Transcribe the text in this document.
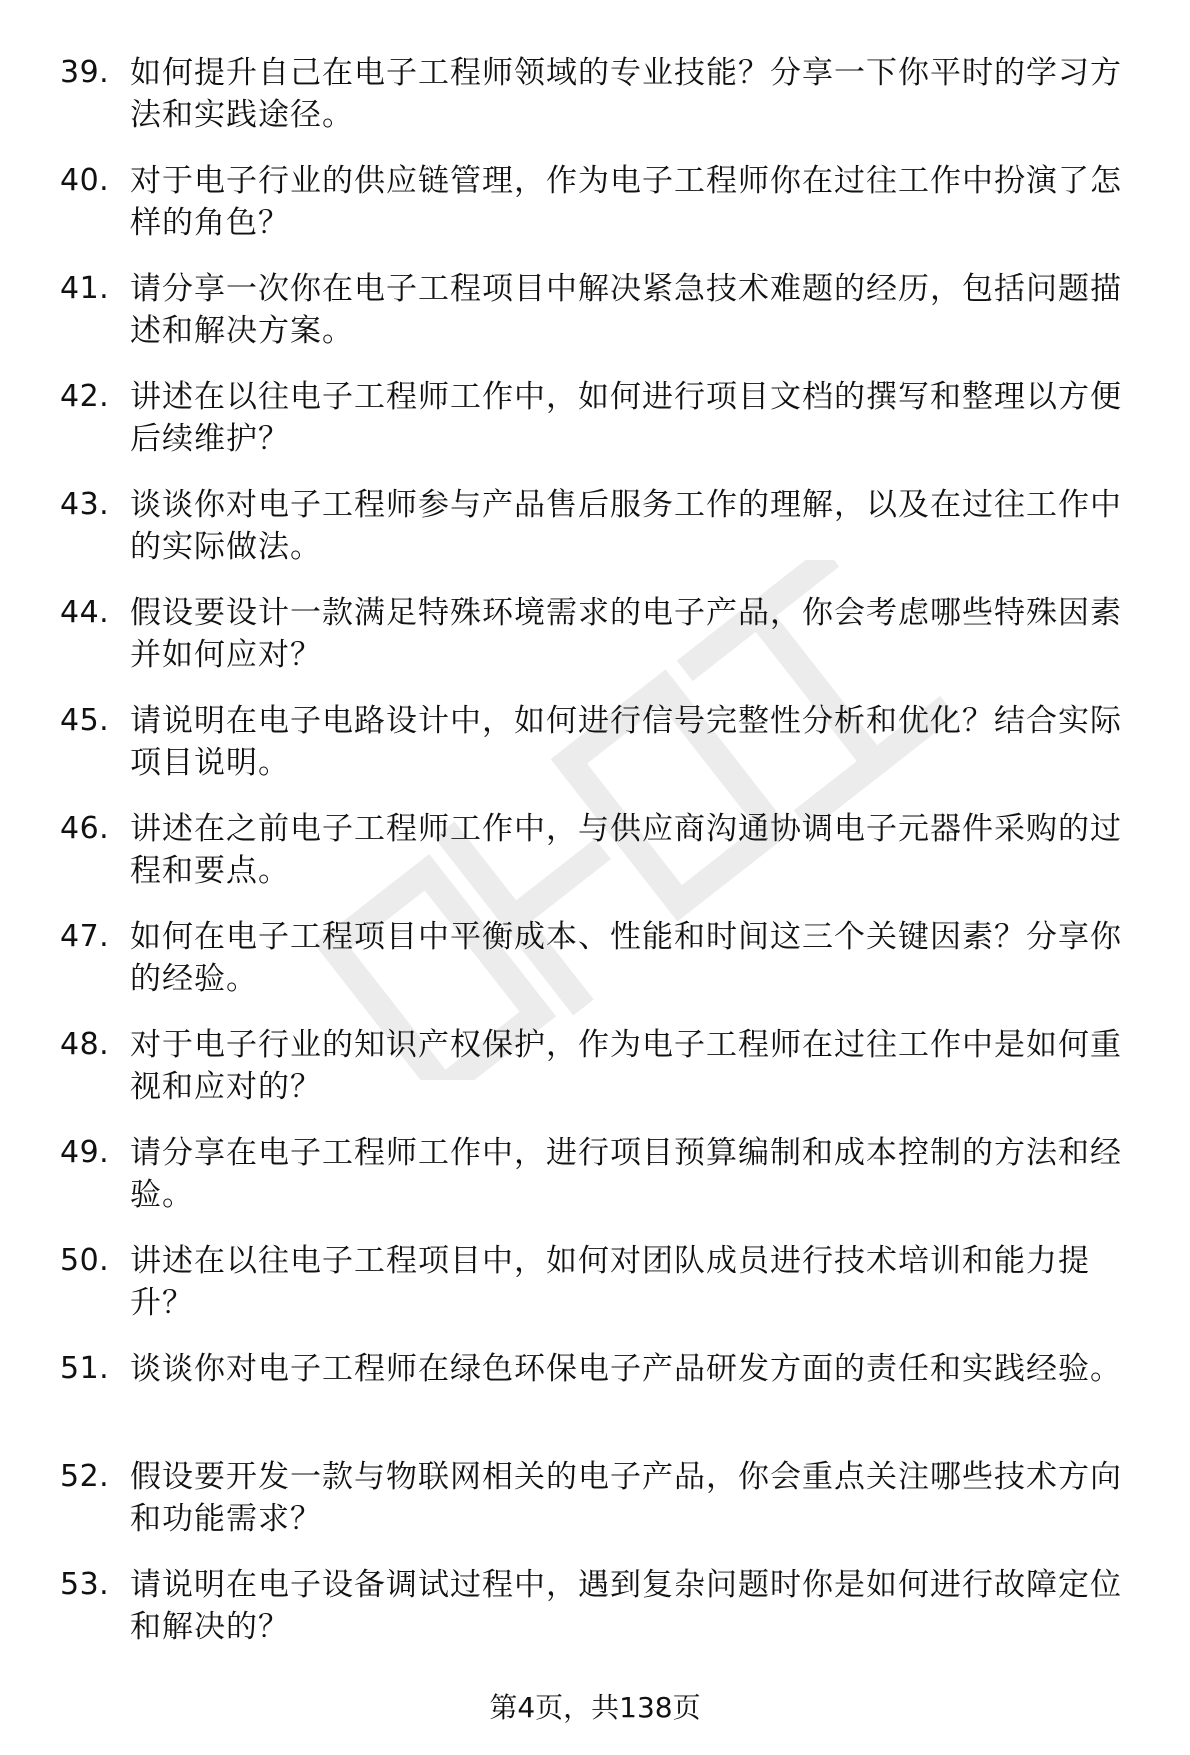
39. 如何提升自己在电子工程师领域的专业技能？分享一下你平时的学习方法和实践途径。
40. 对于电子行业的供应链管理，作为电子工程师你在过往工作中扮演了怎样的角色？
41. 请分享一次你在电子工程项目中解决紧急技术难题的经历，包括问题描述和解决方案。
42. 讲述在以往电子工程师工作中，如何进行项目文档的撰写和整理以方便后续维护？
43. 谈谈你对电子工程师参与产品售后服务工作的理解，以及在过往工作中的实际做法。
44. 假设要设计一款满足特殊环境需求的电子产品，你会考虑哪些特殊因素并如何应对？
45. 请说明在电子电路设计中，如何进行信号完整性分析和优化？结合实际项目说明。
46. 讲述在之前电子工程师工作中，与供应商沟通协调电子元器件采购的过程和要点。
47. 如何在电子工程项目中平衡成本、性能和时间这三个关键因素？分享你的经验。
48. 对于电子行业的知识产权保护，作为电子工程师在过往工作中是如何重视和应对的？
49. 请分享在电子工程师工作中，进行项目预算编制和成本控制的方法和经验。
50. 讲述在以往电子工程项目中，如何对团队成员进行技术培训和能力提升？
51. 谈谈你对电子工程师在绿色环保电子产品研发方面的责任和实践经验。
52. 假设要开发一款与物联网相关的电子产品，你会重点关注哪些技术方向和功能需求？
53. 请说明在电子设备调试过程中，遇到复杂问题时你是如何进行故障定位和解决的？
第4页，共138页
